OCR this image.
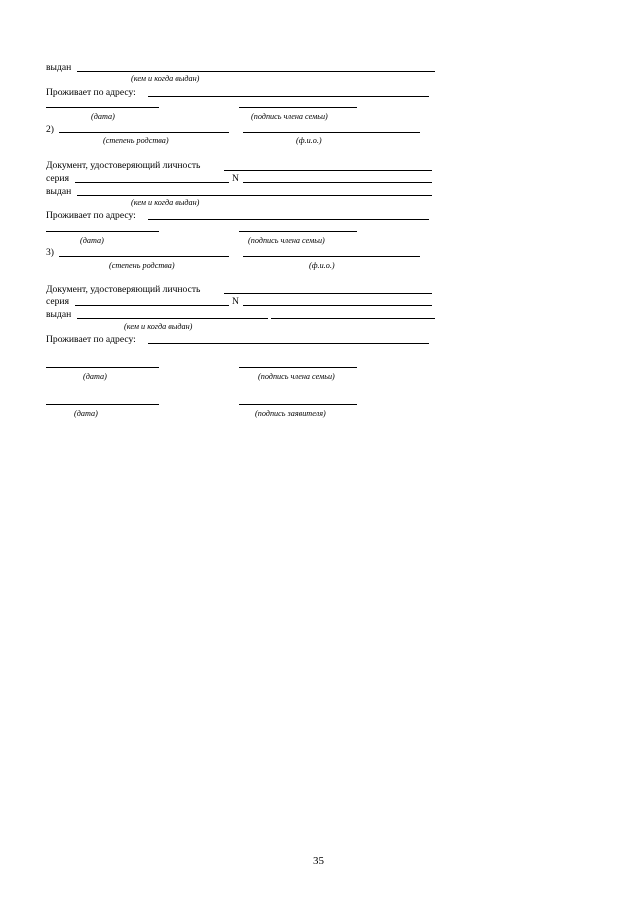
выдан
(кем и когда выдан)
Проживает по адресу:
(дата)	(подпись члена семьи)
2)
(степень родства)	(ф.и.о.)
Документ, удостоверяющий личность
серия	N
выдан
(кем и когда выдан)
Проживает по адресу:
(дата)	(подпись члена семьи)
3)
(степень родства)	(ф.и.о.)
Документ, удостоверяющий личность
серия	N
выдан
(кем и когда выдан)
Проживает по адресу:
(дата)	(подпись члена семьи)
(дата)	(подпись заявителя)
35
